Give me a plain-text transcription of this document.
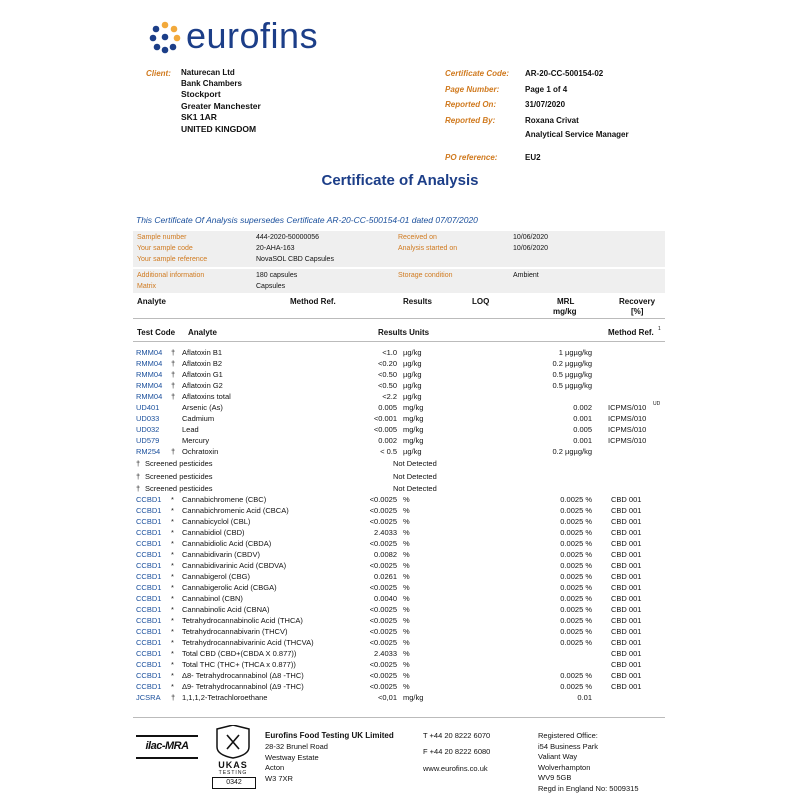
eurofins
Client: Naturecan Ltd
Bank Chambers
Stockport
Greater Manchester
SK1 1AR
UNITED KINGDOM
Certificate Code: AR-20-CC-500154-02
Page Number:	Page 1 of 4
Reported On:	31/07/2020
Reported By:	Roxana Crivat
Analytical Service Manager
PO reference:	EU2
Certificate of Analysis
This Certificate Of Analysis supersedes Certificate AR-20-CC-500154-01 dated 07/07/2020
Sample number	444-2020-50000056	Received on	10/06/2020
Your sample code	20-AHA-163	Analysis started on	10/06/2020
Your sample reference	NovaSOL CBD Capsules
Additional information	180 capsules	Storage condition	Ambient
Matrix	Capsules
Analyte	Method Ref.	Results	LOQ	MRL
mg/kg
Recovery
[%]
Test Code Analyte	Results Units	Method Ref. 1
RMM04 † Aflatoxin B1	<1.0 µg/kg	1 µgµg/kg
RMM04 † Aflatoxin B2	<0.20 µg/kg	0.2 µgµg/kg
RMM04 † Aflatoxin G1	<0.50 µg/kg	0.5 µgµg/kg
RMM04 † Aflatoxin G2	<0.50 µg/kg	0.5 µgµg/kg
RMM04 † Aflatoxins total	<2.2 µg/kg
UD401	Arsenic (As)	0.005 mg/kg	0.002 ICPMS/010 UD
UD033	Cadmium	<0.001 mg/kg	0.001 ICPMS/010
UD032	Lead	<0.005 mg/kg	0.005 ICPMS/010
UD579	Mercury	0.002 mg/kg	0.001 ICPMS/010
RM254 † Ochratoxin	< 0.5 µg/kg	0.2 µgµg/kg
† Screened pesticides	Not Detected
† Screened pesticides	Not Detected
† Screened pesticides	Not Detected
CCBD1 * Cannabichromene (CBC)	<0.0025 %	0.0025 %	CBD 001
CCBD1 * Cannabichromenic Acid (CBCA)	<0.0025 %	0.0025 %	CBD 001
CCBD1 * Cannabicyclol (CBL)	<0.0025 %	0.0025 %	CBD 001
CCBD1 * Cannabidiol (CBD)	2.4033 %	0.0025 %	CBD 001
CCBD1 * Cannabidiolic Acid (CBDA)	<0.0025 %	0.0025 %	CBD 001
CCBD1 * Cannabidivarin (CBDV)	0.0082 %	0.0025 %	CBD 001
CCBD1 * Cannabidivarinic Acid (CBDVA)	<0.0025 %	0.0025 %	CBD 001
CCBD1 * Cannabigerol (CBG)	0.0261 %	0.0025 %	CBD 001
CCBD1 * Cannabigerolic Acid (CBGA)	<0.0025 %	0.0025 %	CBD 001
CCBD1 * Cannabinol (CBN)	0.0040 %	0.0025 %	CBD 001
CCBD1 * Cannabinolic Acid (CBNA)	<0.0025 %	0.0025 %	CBD 001
CCBD1 * Tetrahydrocannabinolic Acid (THCA)	<0.0025 %	0.0025 %	CBD 001
CCBD1 * Tetrahydrocannabivarin (THCV)	<0.0025 %	0.0025 %	CBD 001
CCBD1 * Tetrahydrocannabivarinic Acid (THCVA)	<0.0025 %	0.0025 %	CBD 001
CCBD1 * Total CBD (CBD+(CBDA X 0.877))	2.4033 %	CBD 001
CCBD1 * Total THC (THC+ (THCA x 0.877))	<0.0025 %	CBD 001
CCBD1 * Δ8- Tetrahydrocannabinol (Δ8 -THC)	<0.0025 %	0.0025 %	CBD 001
CCBD1 * Δ9- Tetrahydrocannabinol (Δ9 -THC)	<0.0025 %	0.0025 %	CBD 001
JCSRA † 1,1,1,2-Tetrachloroethane	<0,01 mg/kg	0.01
ilac-MRA
UKAS
TESTING
0342
Eurofins Food Testing UK Limited
28-32 Brunel Road
Westway Estate
Acton
W3 7XR
T +44 20 8222 6070
F +44 20 8222 6080
www.eurofins.co.uk
Registered Office:
i54 Business Park
Valiant Way
Wolverhampton
WV9 5GB
Regd in England No: 5009315
